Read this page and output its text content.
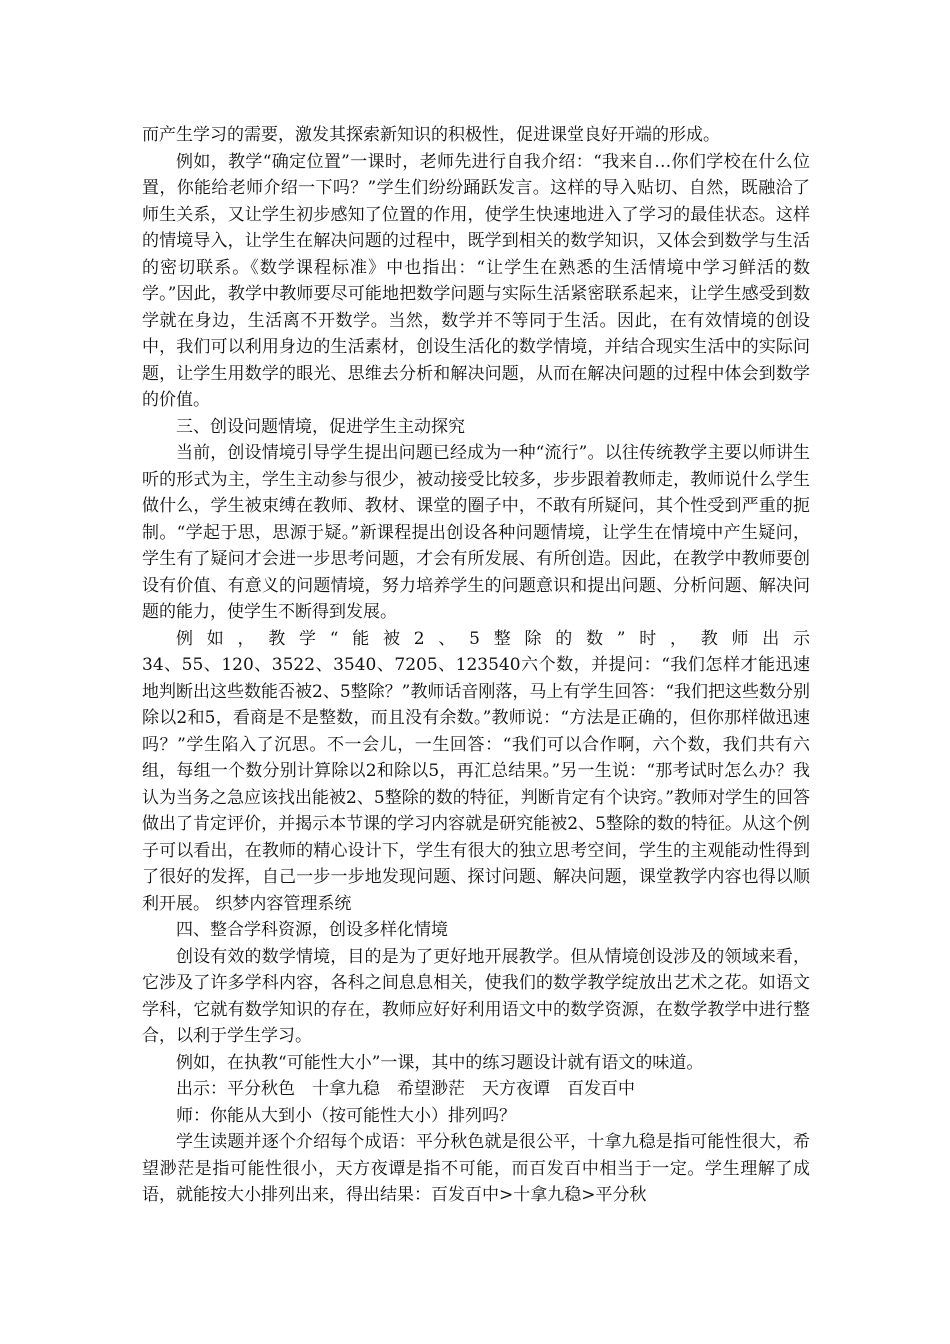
而产生学习的需要，激发其探索新知识的积极性，促进课堂良好开端的形成。

例如，教学“确定位置”一课时，老师先进行自我介绍：“我来自…你们学校在什么位置，你能给老师介绍一下吗？”学生们纷纷踊跃发言。这样的导入贴切、自然，既融洽了师生关系，又让学生初步感知了位置的作用，使学生快速地进入了学习的最佳状态。这样的情境导入，让学生在解决问题的过程中，既学到相关的数学知识，又体会到数学与生活的密切联系。《数学课程标准》中也指出：“让学生在熟悉的生活情境中学习鲜活的数学。”因此，教学中教师要尽可能地把数学问题与实际生活紧密联系起来，让学生感受到数学就在身边，生活离不开数学。当然，数学并不等同于生活。因此，在有效情境的创设中，我们可以利用身边的生活素材，创设生活化的数学情境，并结合现实生活中的实际问题，让学生用数学的眼光、思维去分析和解决问题，从而在解决问题的过程中体会到数学的价值。

三、创设问题情境，促进学生主动探究

当前，创设情境引导学生提出问题已经成为一种“流行”。以往传统教学主要以师讲生听的形式为主，学生主动参与很少，被动接受比较多，步步跟着教师走，教师说什么学生做什么，学生被束缚在教师、教材、课堂的圈子中，不敢有所疑问，其个性受到严重的扼制。“学起于思，思源于疑。”新课程提出创设各种问题情境，让学生在情境中产生疑问，学生有了疑问才会进一步思考问题，才会有所发展、有所创造。因此，在教学中教师要创设有价值、有意义的问题情境，努力培养学生的问题意识和提出问题、分析问题、解决问题的能力，使学生不断得到发展。

例如，教学“能被2、5整除的数”时，教师出示

34、55、120、3522、3540、7205、123540六个数，并提问：“我们怎样才能迅速地判断出这些数能否被2、5整除？”教师话音刚落，马上有学生回答：“我们把这些数分别除以2和5，看商是不是整数，而且没有余数。”教师说：“方法是正确的，但你那样做迅速吗？”学生陷入了沉思。不一会儿，一生回答：“我们可以合作啊，六个数，我们共有六组，每组一个数分别计算除以2和除以5，再汇总结果。”另一生说：“那考试时怎么办？我认为当务之急应该找出能被2、5整除的数的特征，判断肯定有个诀窍。”教师对学生的回答做出了肯定评价，并揭示本节课的学习内容就是研究能被2、5整除的数的特征。从这个例子可以看出，在教师的精心设计下，学生有很大的独立思考空间，学生的主观能动性得到了很好的发挥，自己一步一步地发现问题、探讨问题、解决问题，课堂教学内容也得以顺利开展。 织梦内容管理系统

四、整合学科资源，创设多样化情境

创设有效的数学情境，目的是为了更好地开展教学。但从情境创设涉及的领域来看，它涉及了许多学科内容，各科之间息息相关，使我们的数学教学绽放出艺术之花。如语文学科，它就有数学知识的存在，教师应好好利用语文中的数学资源，在数学教学中进行整合，以利于学生学习。

例如，在执教“可能性大小”一课，其中的练习题设计就有语文的味道。

出示：平分秋色　十拿九稳　希望渺茫　天方夜谭　百发百中

师：你能从大到小（按可能性大小）排列吗？

学生读题并逐个介绍每个成语：平分秋色就是很公平，十拿九稳是指可能性很大，希望渺茫是指可能性很小，天方夜谭是指不可能，而百发百中相当于一定。学生理解了成语，就能按大小排列出来，得出结果：百发百中>十拿九稳>平分秋
